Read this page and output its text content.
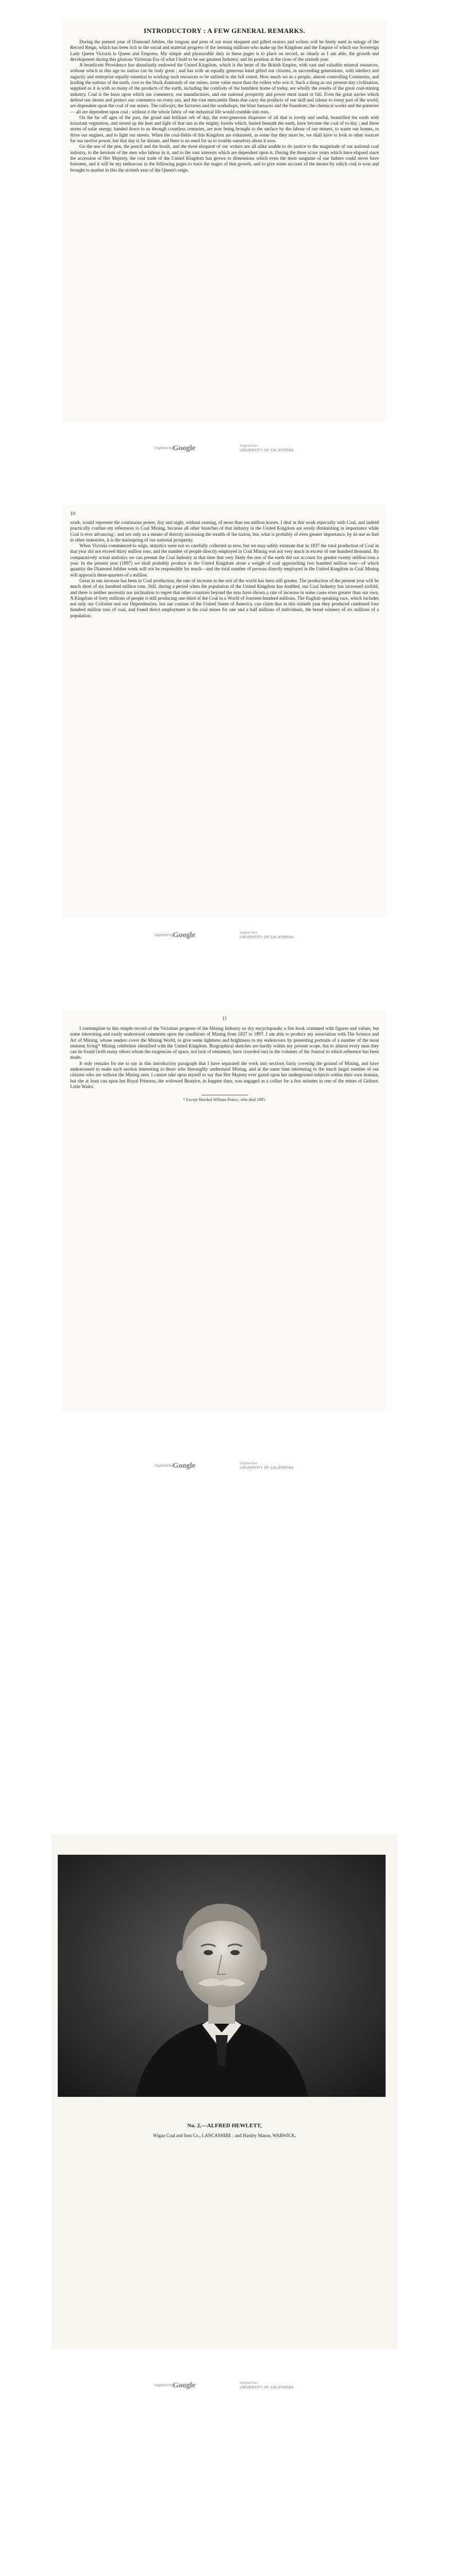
INTRODUCTORY : A FEW GENERAL REMARKS.

During the present year of Diamond Jubilee, the tongues and pens of our most eloquent and gifted orators and writers will be freely used in eulogy of the Record Reign, which has been rich in the social and material progress of the teeming millions who make up the Kingdom and the Empire of which our Sovereign Lady Queen Victoria is Queen and Empress. My simple and pleasurable duty in these pages is to place on record, as clearly as I am able, the growth and development during this glorious Victorian Era of what I hold to be our greatest Industry, and its position at the close of the sixtieth year.

A beneficent Providence has abundantly endowed the United Kingdom, which is the heart of the British Empire, with vast and valuable mineral resources, without which in this age no nation can be truly great ; and has with an equally generous hand gifted our citizens, in succeeding generations, with intellect and sagacity and enterprise equally essential to working such resources to be utilised to the full extent. How much we as a people, almost controlling Continents, and leading the nations of the earth, owe to the black diamonds of our mines, none value more than the toilers who win it. Such a thing as our present-day civilisation, supplied as it is with so many of the products of the earth, including the comforts of the humblest home of today, are wholly the results of the great coal-mining industry. Coal is the basis upon which our commerce, our manufactures, and our national prosperity and power must stand or fall. Even the great navies which defend our shores and protect our commerce on every sea, and the vast mercantile fleets that carry the products of our skill and labour to every part of the world, are dependent upon the coal of our mines. The railways, the factories and the workshops, the blast furnaces and the foundries, the chemical works and the potteries — all are dependent upon coal ; without it the whole fabric of our industrial life would crumble into ruin.

On the far off ages of the past, the grand and brilliant orb of day, the ever-generous dispenser of all that is lovely and useful, beautified the earth with luxuriant vegetation, and stored up the heat and light of that sun in the mighty forests which, buried beneath the earth, have become the coal of to-day ; and these stores of solar energy, handed down to us through countless centuries, are now being brought to the surface by the labour of our miners, to warm our homes, to drive our engines, and to light our streets. When the coal-fields of this Kingdom are exhausted, as some day they must be, we shall have to look to other sources for our motive power, but that day is far distant, and there is no need for us to trouble ourselves about it now.

Go the use of the pen, the pencil and the brush, and the most eloquent of our writers are all alike unable to do justice to the magnitude of our national coal industry, to the heroism of the men who labour in it, and to the vast interests which are dependent upon it. During the three score years which have elapsed since the accession of Her Majesty, the coal trade of the United Kingdom has grown to dimensions which even the most sanguine of our fathers could never have foreseen, and it will be my endeavour in the following pages to trace the stages of that growth, and to give some account of the means by which coal is won and brought to market in this the sixtieth year of the Queen's reign.

Digitized by
Google	Original from
UNIVERSITY OF CALIFORNIA
10

work, would represent the continuous power, day and night, without ceasing, of more than ten million horses. I deal in this work especially with Coal, and indeed practically confine my references to Coal Mining, because all other branches of that industry in the United Kingdom are sorely diminishing in importance while Coal is ever advancing ; and not only as a means of directly increasing the wealth of the nation, but, what is probably of even greater importance, by its use as fuel in other industries, it is the mainspring of our national prosperity.

When Victoria commenced to reign, statistics were not so carefully collected as now, but we may safely estimate that in 1837 the total production of Coal in that year did not exceed thirty million tons, and the number of people directly employed in Coal Mining was not very much in excess of one hundred thousand. By comparatively actual statistics we can present the Coal Industry at that time that very likely the rest of the earth did not account for greater twenty million tons a year. In the present year (1897) we shall probably produce in the United Kingdom alone a weight of coal approaching two hundred million tons—of which quantity the Diamond Jubilee week will not be responsible for much—and the total number of persons directly employed in the United Kingdom in Coal Mining will approach three-quarters of a million.

Great as our increase has been in Coal production, the rate of increase in the rest of the world has been still greater. The production of the present year will be much short of six hundred million tons. Still, during a period when the population of the United Kingdom has doubled, our Coal Industry has increased sixfold, and there is neither necessity nor inclination to regret that other countries beyond the seas have shown a rate of increase in some cases even greater than our own. A Kingdom of forty millions of people is still producing one-third of the Coal in a World of fourteen hundred millions. The English-speaking race, which includes not only our Colonies and our Dependencies, but our cousins of the United States of America, can claim that in this sixtieth year they produced combined four hundred million tons of coal, and found direct employment in the coal mines for one and a half millions of individuals, the bread winners of six millions of a population.

Digitized by
Google	Original from
UNIVERSITY OF CALIFORNIA
11

I contemplate in this simple record of the Victorian progress of the Mining Industry so dry encyclopaedic a fire hook crammed with figures and values, but some interesting and easily understood comments upon the conditions of Mining from 1837 to 1897. I am able to produce my association with The Science and Art of Mining, whose readers cover the Mining World, to give some lightness and brightness to my endeavours by presenting portraits of a number of the most eminent living* Mining celebrities identified with the United Kingdom. Biographical sketches are hardly within my present scope, but to almost every man they can be found (with many others whom the exigencies of space, not lack of eminence, have crowded out) in the volumes of the Journal to which reference has been made.

It only remains for me to say in this introductory paragraph that I have separated the work into sections fairly covering the ground of Mining, and have endeavoured to make each section interesting to those who thoroughly understand Mining, and at the same time interesting to the much larger number of our citizens who are without the Mining area. I cannot take upon myself to say that Her Majesty ever gazed upon her underground subjects within their own domain, but she at least can upon her Royal Princess, the widowed Beatrice, in happier days, was engaged as a collier for a few minutes in one of the mines of Gelinot. Little Wales.

* Except Marshal William Pearce, who died 1895.
Digitized by
Google	Original from
UNIVERSITY OF CALIFORNIA
No. 2.—ALFRED HEWLETT,
Wigan Coal and Iron Co., LANCASHIRE ; and Hastley Manor, WARWICK.
Digitized by
Google	Original from
UNIVERSITY OF CALIFORNIA
